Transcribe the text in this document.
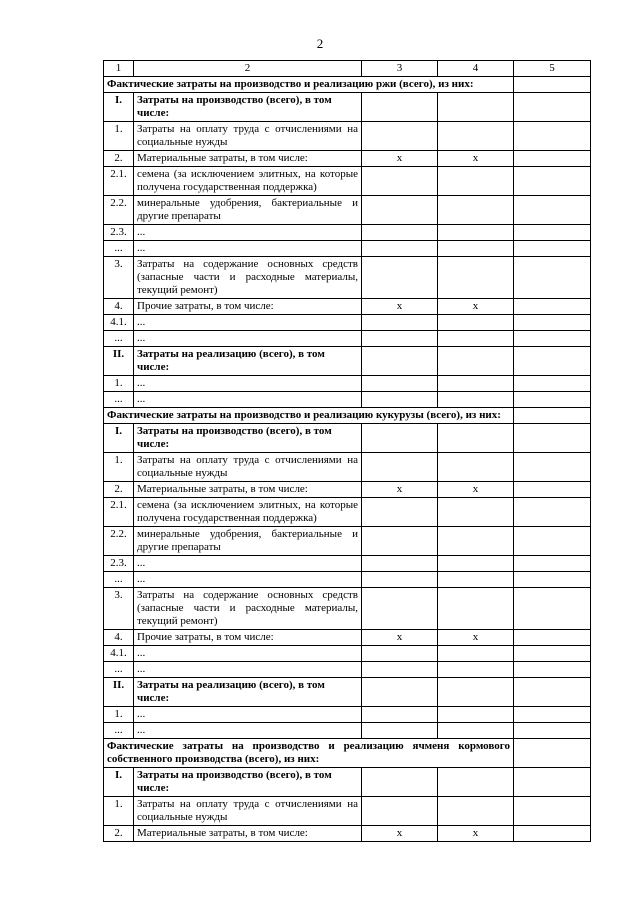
2
1	2	3	4	5
Фактические затраты на производство и реализацию ржи (всего), из них:				
I.	Затраты на производство (всего), в том числе:			
1.	Затраты на оплату труда с отчислениями на социальные нужды			
2.	Материальные затраты, в том числе:	х	х	
2.1.	семена (за исключением элитных, на которые получена государственная поддержка)			
2.2.	минеральные удобрения, бактериальные и другие препараты			
2.3.	...			
...	...			
3.	Затраты на содержание основных средств (запасные части и расходные материалы, текущий ремонт)			
4.	Прочие затраты, в том числе:	х	х	
4.1.	...			
...	...			
II.	Затраты на реализацию (всего), в том числе:			
1.	...			
...	...			
Фактические затраты на производство и реализацию кукурузы (всего), из них:				
I.	Затраты на производство (всего), в том числе:			
1.	Затраты на оплату труда с отчислениями на социальные нужды			
2.	Материальные затраты, в том числе:	х	х	
2.1.	семена (за исключением элитных, на которые получена государственная поддержка)			
2.2.	минеральные удобрения, бактериальные и другие препараты			
2.3.	...			
...	...			
3.	Затраты на содержание основных средств (запасные части и расходные материалы, текущий ремонт)			
4.	Прочие затраты, в том числе:	х	х	
4.1.	...			
...	...			
II.	Затраты на реализацию (всего), в том числе:			
1.	...			
...	...			
Фактические затраты на производство и реализацию ячменя кормового собственного производства (всего), из них:				
I.	Затраты на производство (всего), в том числе:			
1.	Затраты на оплату труда с отчислениями на социальные нужды			
2.	Материальные затраты, в том числе:	х	х	
